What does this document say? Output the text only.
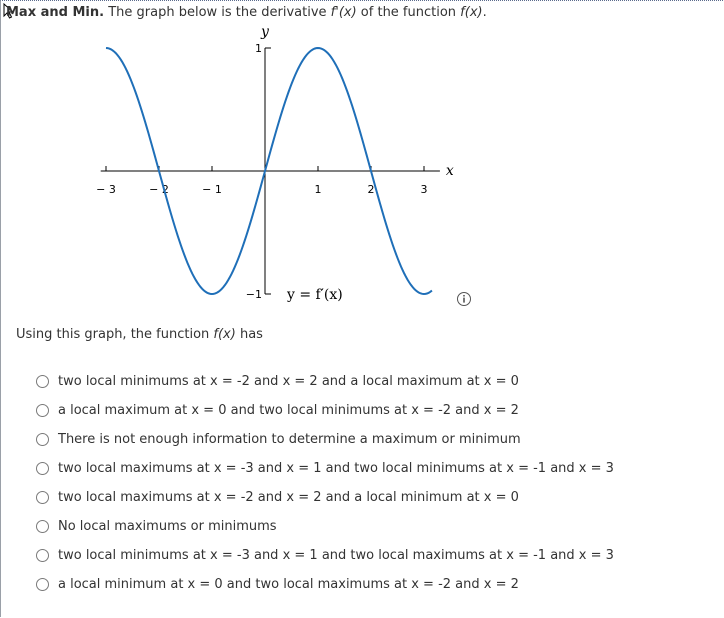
Max and Min. The graph below is the derivative f'(x) of the function f(x).
− 3	− 2	− 1	1	2	3
1
−1
y
x
y = f′(x)
Using this graph, the function f(x) has
two local minimums at x = -2 and x = 2 and a local maximum at x = 0
a local maximum at x = 0 and two local minimums at x = -2 and x = 2
There is not enough information to determine a maximum or minimum
two local maximums at x = -3 and x = 1 and two local minimums at x = -1 and x = 3
two local maximums at x = -2 and x = 2 and a local minimum at x = 0
No local maximums or minimums
two local minimums at x = -3 and x = 1 and two local maximums at x = -1 and x = 3
a local minimum at x = 0 and two local maximums at x = -2 and x = 2
